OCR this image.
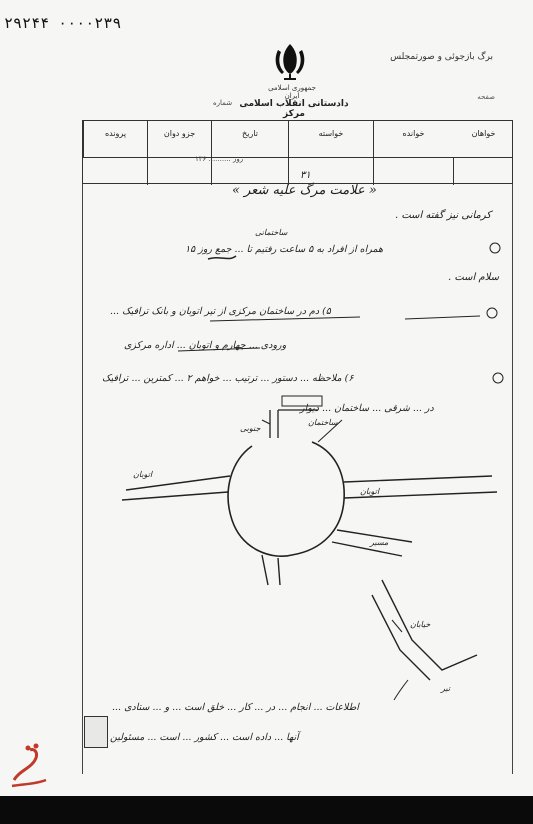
۲۹۲۴۴ ۰۰۰۰۲۳۹
برگ بازجوئی و صورتمجلس
صفحه
جمهوری اسلامی ایران
دادستانی انقلاب اسلامی مرکز
شماره
خواهان
خوانده
خواسته
تاریخ
جزو دوان
پرونده
روز .......... ۱۳۶
۳۱
« علامت مرگ علیه شعر »
کرمانی نیز گفته است .
ساختمانی
ﻫﻤﺮاﻩ ﺍﺯ ﺍﻓﺮﺍﺩ ﺑﻪ ۵ ساعت ﺭﻓﺘﻴﻢ ﺗﺎ ... ﺟﻤﻊ ﺭﻭﺯ ۱۵
سلام است .
۵) دم در ساختمان مرکزی از تیر اتوبان و بانک ترافیک ...
ورودی ... چهارم و اتوبان ... اداره مرکزی
۶) ملاحظه ... دستور ... ترتیب ... خواهم ۲ ... کمترین ... ترافیک
در ... شرقی ... ساختمان ... دیوار
ساختمان
جنوبی
اتوبان
اتوبان
مسیر
خیابان
تیر
اطلاعات ... انجام ... در ... کار ... خلق است ... و ... ستادی ...
آنها ... داده است ... کشور ... است ... مسئولین
